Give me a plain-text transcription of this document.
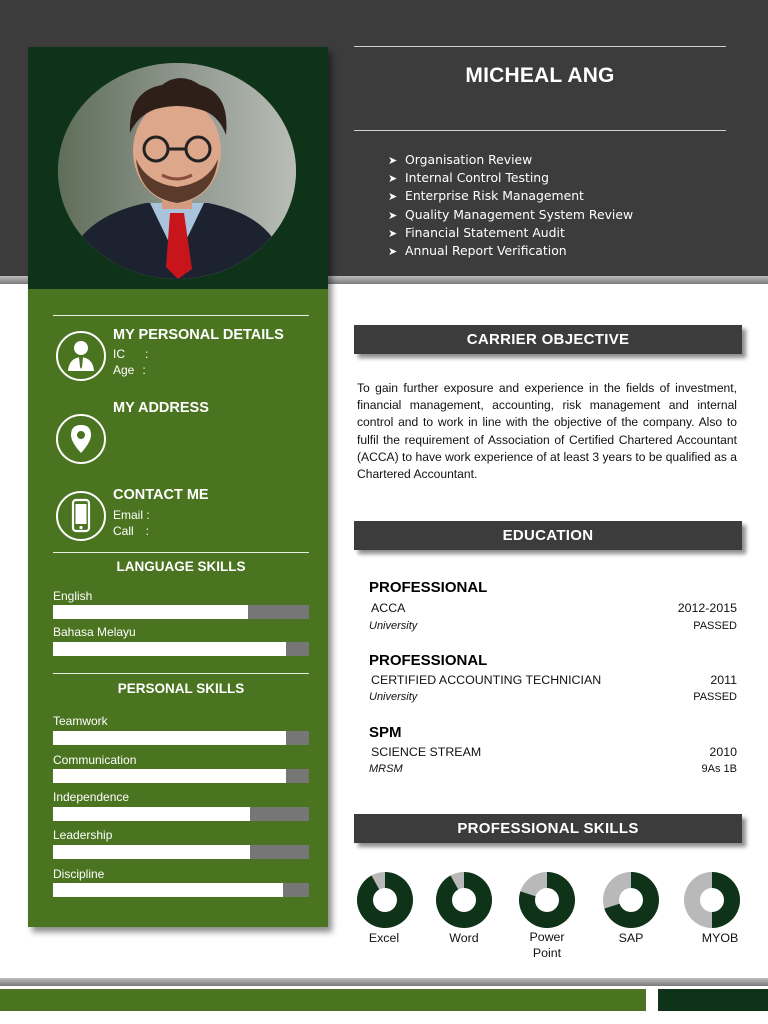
MICHEAL ANG
➤ Organisation Review
➤ Internal Control Testing
➤ Enterprise Risk Management
➤ Quality Management System Review
➤ Financial Statement Audit
➤ Annual Report Verification
MY PERSONAL DETAILS
IC :
Age :
MY ADDRESS
CONTACT ME
Email :
Call :
LANGUAGE SKILLS
English
Bahasa Melayu
PERSONAL SKILLS
Teamwork
Communication
Independence
Leadership
Discipline
CARRIER OBJECTIVE

To gain further exposure and experience in the fields of investment, financial management, accounting, risk management and internal control and to work in line with the objective of the company. Also to fulfil the requirement of Association of Certified Chartered Accountant (ACCA) to have work experience of at least 3 years to be qualified as a Chartered Accountant.

EDUCATION
PROFESSIONAL
ACCA	2012-2015
University	PASSED
PROFESSIONAL
CERTIFIED ACCOUNTING TECHNICIAN	2011
University	PASSED
SPM
SCIENCE STREAM	2010
MRSM	9As 1B
PROFESSIONAL SKILLS
Excel	Word	Power Point
SAP	MYOB
